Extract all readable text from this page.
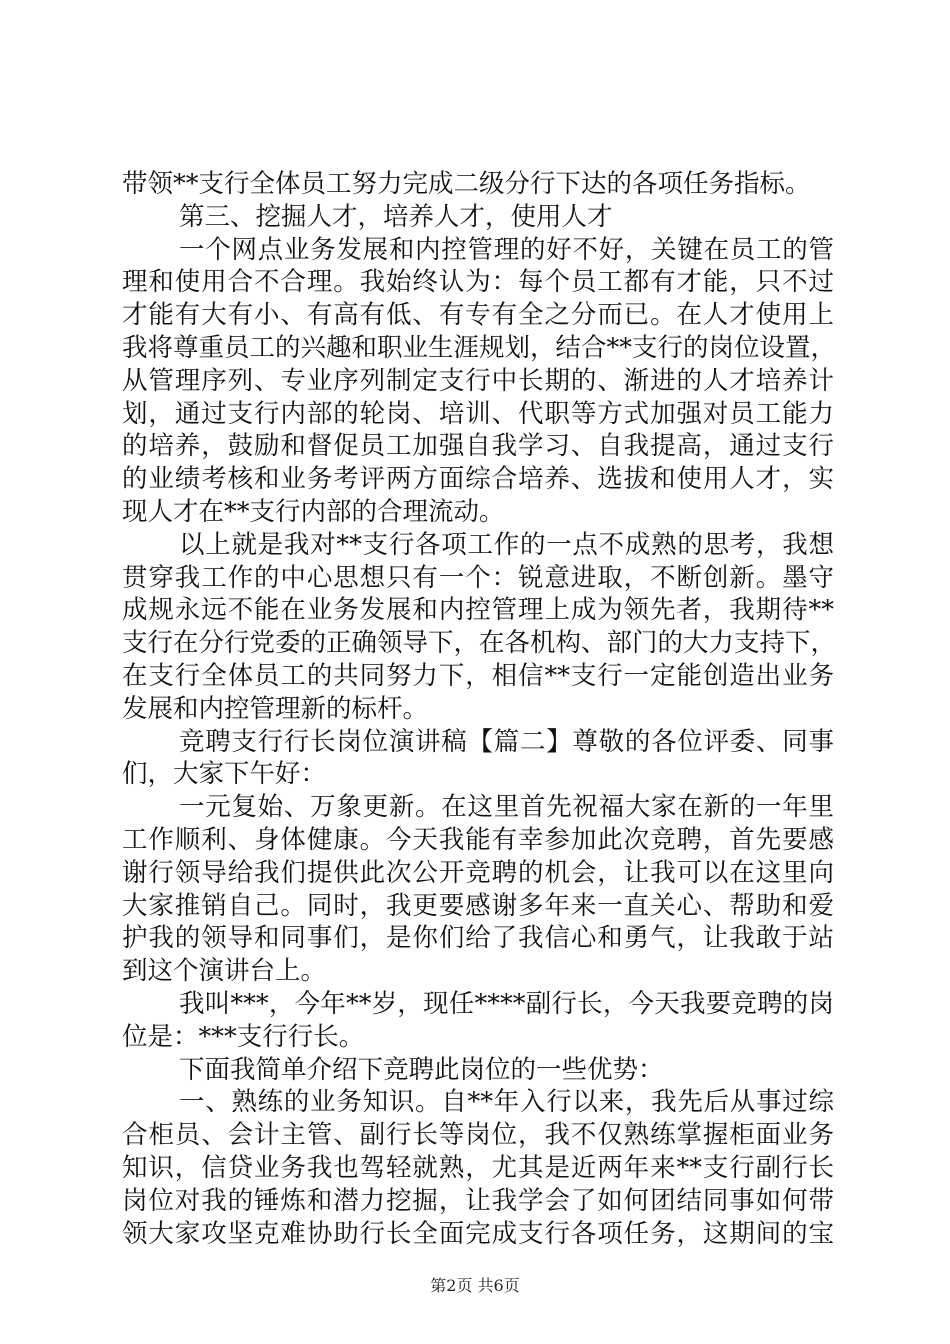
带领**支行全体员工努力完成二级分行下达的各项任务指标。
第三、挖掘人才，培养人才，使用人才
一个网点业务发展和内控管理的好不好，关键在员工的管
理和使用合不合理。我始终认为：每个员工都有才能，只不过
才能有大有小、有高有低、有专有全之分而已。在人才使用上
我将尊重员工的兴趣和职业生涯规划，结合**支行的岗位设置，
从管理序列、专业序列制定支行中长期的、渐进的人才培养计
划，通过支行内部的轮岗、培训、代职等方式加强对员工能力
的培养，鼓励和督促员工加强自我学习、自我提高，通过支行
的业绩考核和业务考评两方面综合培养、选拔和使用人才，实
现人才在**支行内部的合理流动。
以上就是我对**支行各项工作的一点不成熟的思考，我想
贯穿我工作的中心思想只有一个：锐意进取，不断创新。墨守
成规永远不能在业务发展和内控管理上成为领先者，我期待**
支行在分行党委的正确领导下，在各机构、部门的大力支持下，
在支行全体员工的共同努力下，相信**支行一定能创造出业务
发展和内控管理新的标杆。
竞聘支行行长岗位演讲稿【篇二】尊敬的各位评委、同事
们，大家下午好：
一元复始、万象更新。在这里首先祝福大家在新的一年里
工作顺利、身体健康。今天我能有幸参加此次竞聘，首先要感
谢行领导给我们提供此次公开竞聘的机会，让我可以在这里向
大家推销自己。同时，我更要感谢多年来一直关心、帮助和爱
护我的领导和同事们，是你们给了我信心和勇气，让我敢于站
到这个演讲台上。
我叫***，今年**岁，现任****副行长，今天我要竞聘的岗
位是：***支行行长。
下面我简单介绍下竞聘此岗位的一些优势：
一、熟练的业务知识。自**年入行以来，我先后从事过综
合柜员、会计主管、副行长等岗位，我不仅熟练掌握柜面业务
知识，信贷业务我也驾轻就熟，尤其是近两年来**支行副行长
岗位对我的锤炼和潜力挖掘，让我学会了如何团结同事如何带
领大家攻坚克难协助行长全面完成支行各项任务，这期间的宝
第2页 共6页
